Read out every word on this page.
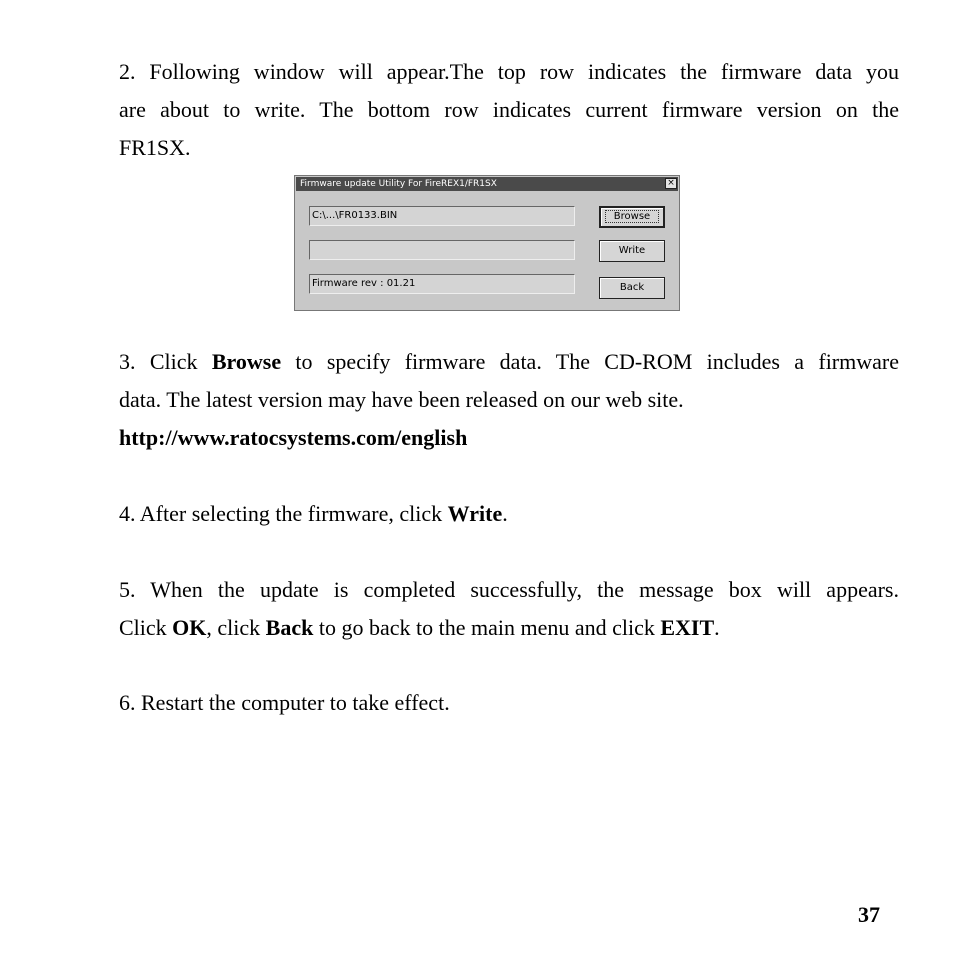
2. Following window will appear.The top row indicates the firmware data you

are about to write. The bottom row indicates current firmware version on the

FR1SX.

Firmware update Utility For FireREX1/FR1SX	×
C:\...\FR0133.BIN
Firmware rev : 01.21
Browse
Write
Back

3. Click Browse to specify firmware data. The CD-ROM includes a firmware

data. The latest version may have been released on our web site.

http://www.ratocsystems.com/english

4. After selecting the firmware, click Write.

5. When the update is completed successfully, the message box will appears.

Click OK, click Back to go back to the main menu and click EXIT.

6. Restart the computer to take effect.

37
